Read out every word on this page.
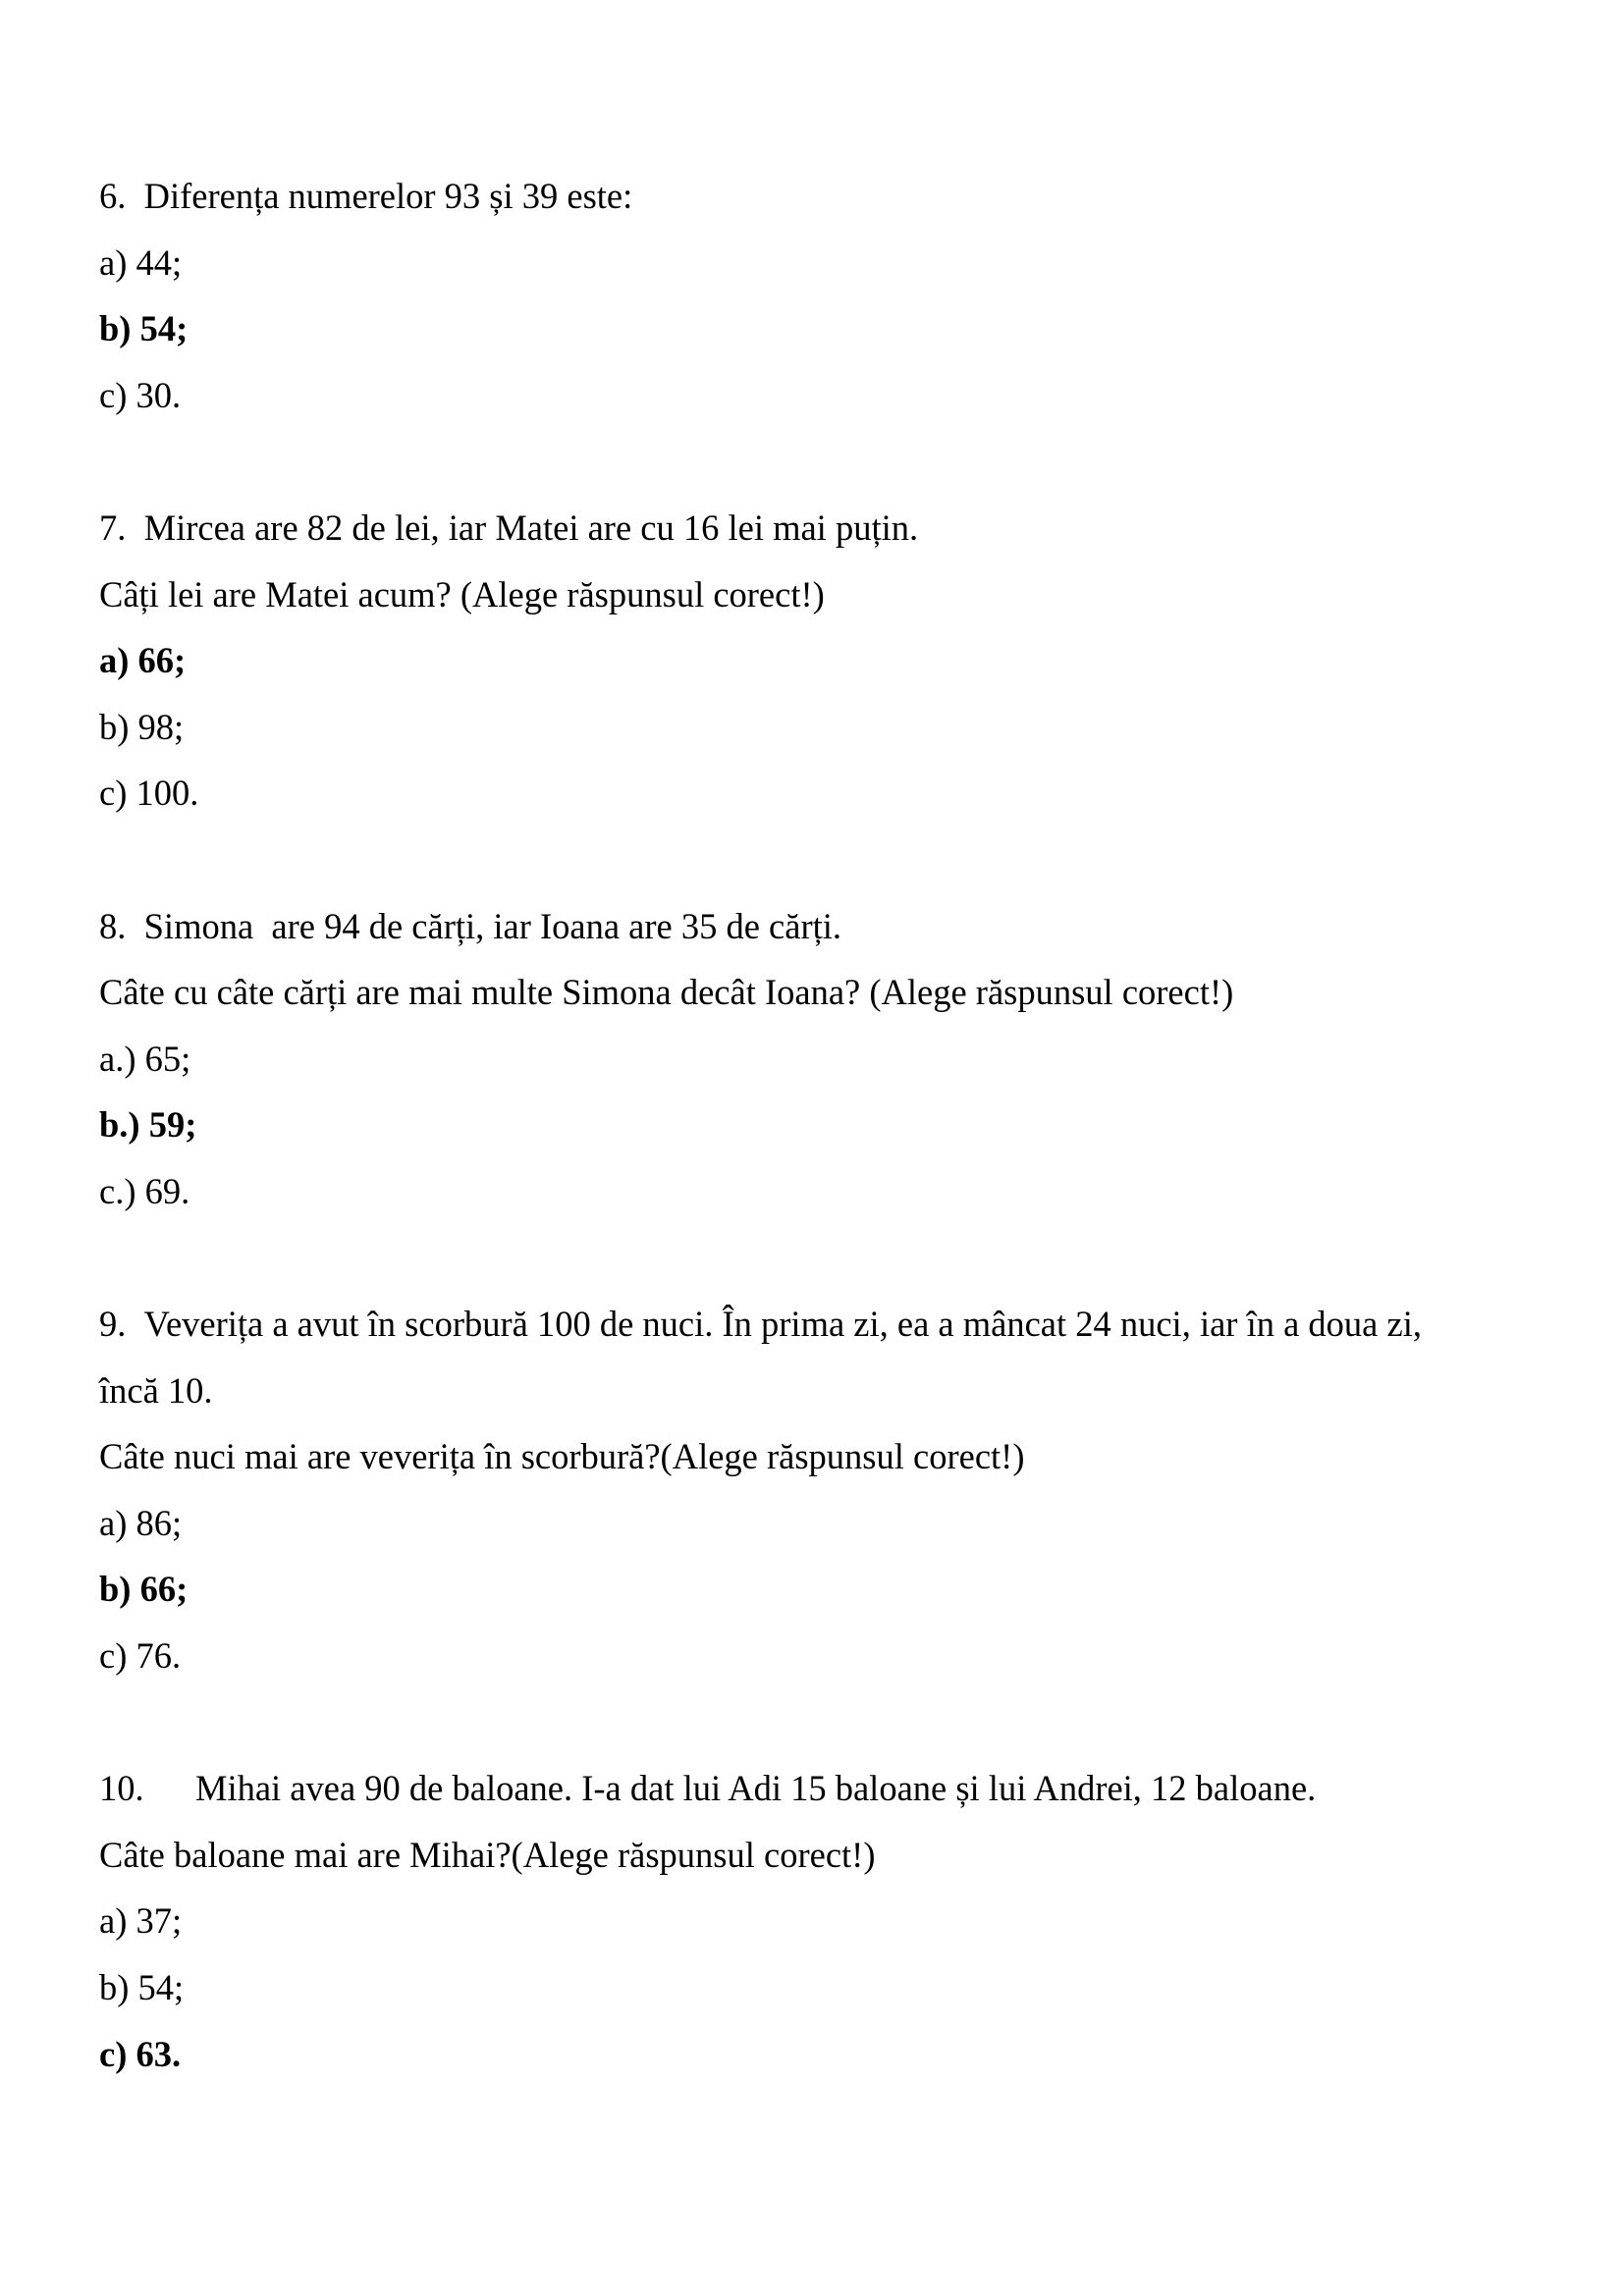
6. Diferența numerelor 93 și 39 este:
a) 44;
b) 54;
c) 30.
7. Mircea are 82 de lei, iar Matei are cu 16 lei mai puțin.
Câți lei are Matei acum? (Alege răspunsul corect!)
a) 66;
b) 98;
c) 100.
8. Simona  are 94 de cărți, iar Ioana are 35 de cărți.
Câte cu câte cărți are mai multe Simona decât Ioana? (Alege răspunsul corect!)
a.) 65;
b.) 59;
c.) 69.
9. Veverița a avut în scorbură 100 de nuci. În prima zi, ea a mâncat 24 nuci, iar în a doua zi,
încă 10.
Câte nuci mai are veverița în scorbură?(Alege răspunsul corect!)
a) 86;
b) 66;
c) 76.
10. Mihai avea 90 de baloane. I-a dat lui Adi 15 baloane și lui Andrei, 12 baloane.
Câte baloane mai are Mihai?(Alege răspunsul corect!)
a) 37;
b) 54;
c) 63.
